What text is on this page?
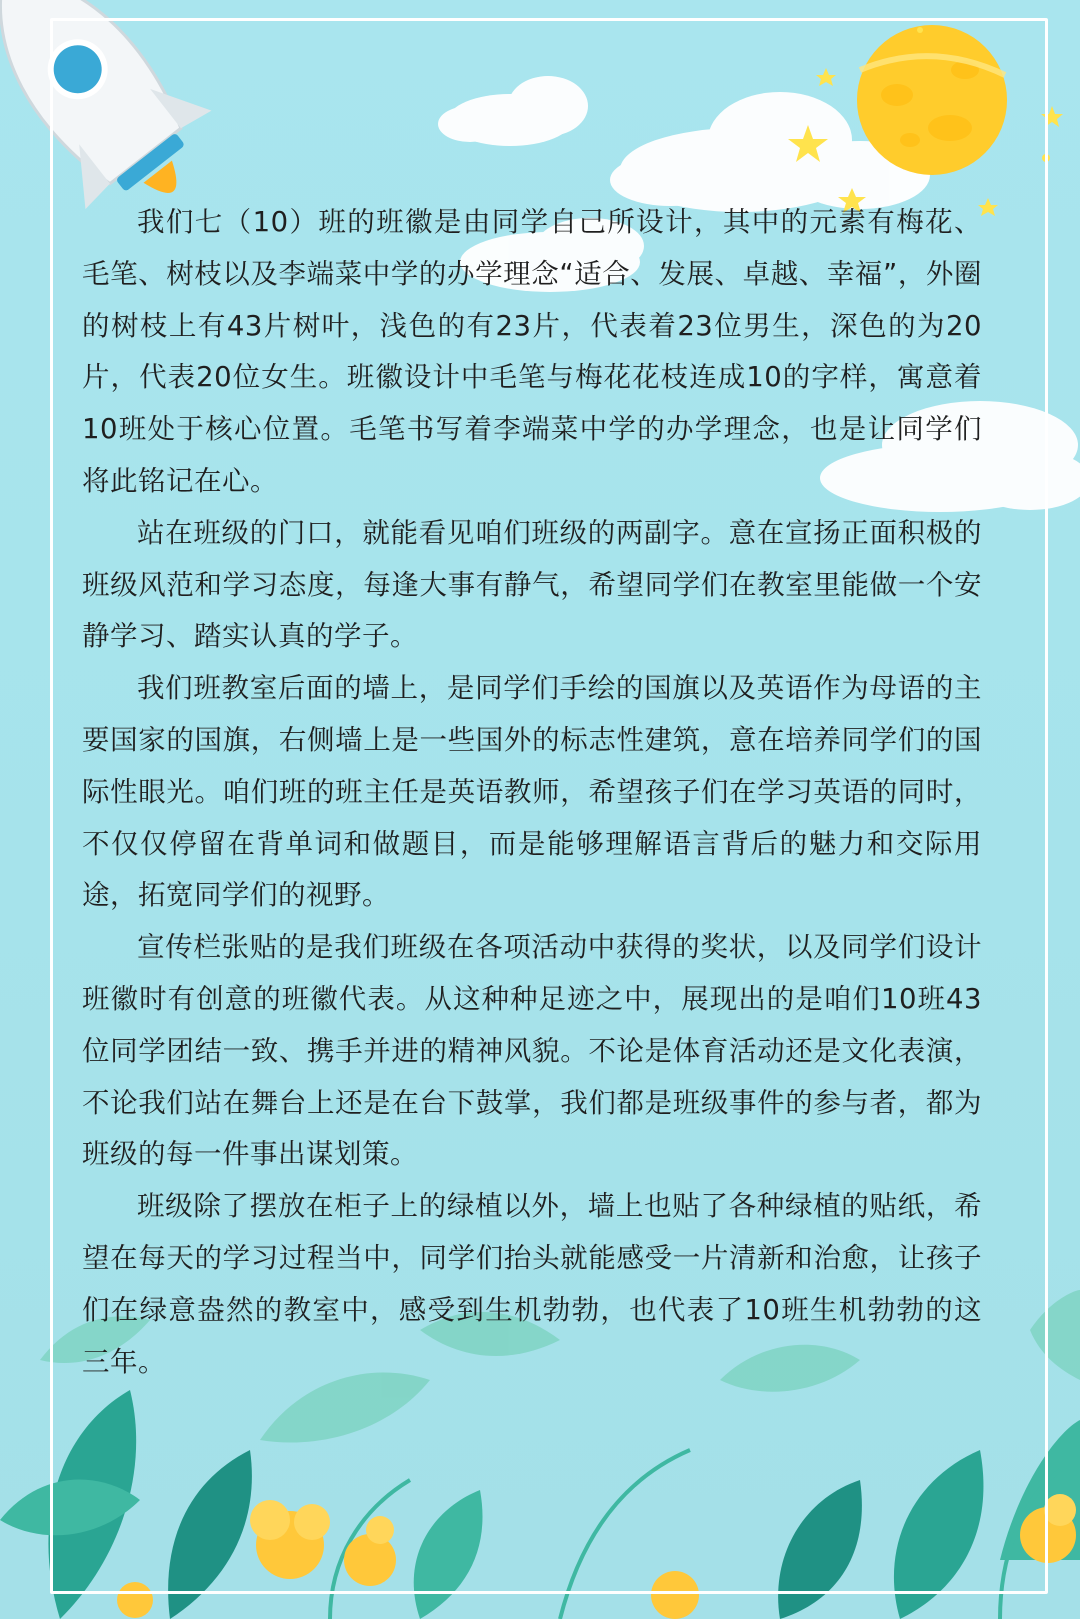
我们七（10）班的班徽是由同学自己所设计，其中的元素有梅花、毛笔、树枝以及李端菜中学的办学理念“适合、发展、卓越、幸福”，外圈的树枝上有43片树叶，浅色的有23片，代表着23位男生，深色的为20片，代表20位女生。班徽设计中毛笔与梅花花枝连成10的字样，寓意着10班处于核心位置。毛笔书写着李端菜中学的办学理念，也是让同学们将此铭记在心。

站在班级的门口，就能看见咱们班级的两副字。意在宣扬正面积极的班级风范和学习态度，每逢大事有静气，希望同学们在教室里能做一个安静学习、踏实认真的学子。

我们班教室后面的墙上，是同学们手绘的国旗以及英语作为母语的主要国家的国旗，右侧墙上是一些国外的标志性建筑，意在培养同学们的国际性眼光。咱们班的班主任是英语教师，希望孩子们在学习英语的同时，不仅仅停留在背单词和做题目，而是能够理解语言背后的魅力和交际用途，拓宽同学们的视野。

宣传栏张贴的是我们班级在各项活动中获得的奖状，以及同学们设计班徽时有创意的班徽代表。从这种种足迹之中，展现出的是咱们10班43位同学团结一致、携手并进的精神风貌。不论是体育活动还是文化表演，不论我们站在舞台上还是在台下鼓掌，我们都是班级事件的参与者，都为班级的每一件事出谋划策。

班级除了摆放在柜子上的绿植以外，墙上也贴了各种绿植的贴纸，希望在每天的学习过程当中，同学们抬头就能感受一片清新和治愈，让孩子们在绿意盎然的教室中，感受到生机勃勃，也代表了10班生机勃勃的这三年。
